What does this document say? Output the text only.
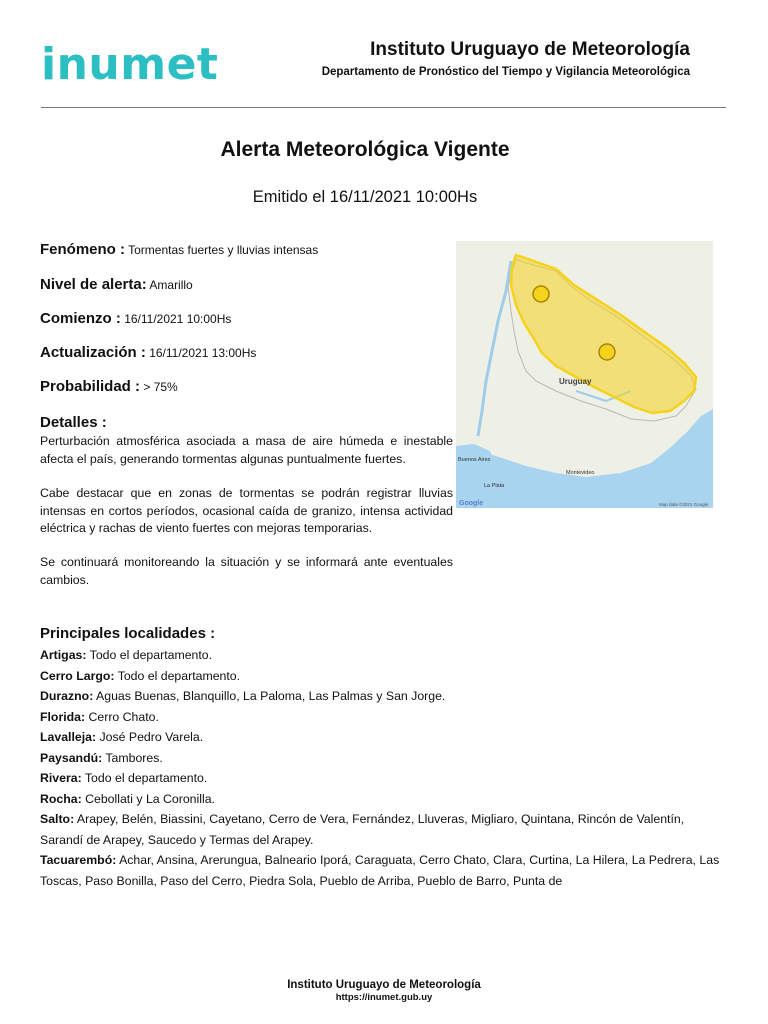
inumet	Instituto Uruguayo de Meteorología
Departamento de Pronóstico del Tiempo y Vigilancia Meteorológica
Alerta Meteorológica Vigente
Emitido el 16/11/2021 10:00Hs
Fenómeno : Tormentas fuertes y lluvias intensas
Nivel de alerta: Amarillo
Comienzo : 16/11/2021 10:00Hs
Actualización : 16/11/2021 13:00Hs
Probabilidad : > 75%
Detalles :

Perturbación atmosférica asociada a masa de aire húmeda e inestable afecta el país, generando tormentas algunas puntualmente fuertes.

Cabe destacar que en zonas de tormentas se podrán registrar lluvias intensas en cortos períodos, ocasional caída de granizo, intensa actividad eléctrica y rachas de viento fuertes con mejoras temporarias.

Se continuará monitoreando la situación y se informará ante eventuales cambios.

Uruguay
Buenos Aires
Montevideo
La Plata
Google	Map data ©2021 Google
Principales localidades :

Artigas: Todo el departamento.

Cerro Largo: Todo el departamento.

Durazno: Aguas Buenas, Blanquillo, La Paloma, Las Palmas y San Jorge.

Florida: Cerro Chato.

Lavalleja: José Pedro Varela.

Paysandú: Tambores.

Rivera: Todo el departamento.

Rocha: Cebollati y La Coronilla.

Salto: Arapey, Belén, Biassini, Cayetano, Cerro de Vera, Fernández, Lluveras, Migliaro, Quintana, Rincón de Valentín, Sarandí de Arapey, Saucedo y Termas del Arapey.

Tacuarembó: Achar, Ansina, Arerungua, Balneario Iporá, Caraguata, Cerro Chato, Clara, Curtina, La Hilera, La Pedrera, Las Toscas, Paso Bonilla, Paso del Cerro, Piedra Sola, Pueblo de Arriba, Pueblo de Barro, Punta de

Instituto Uruguayo de Meteorología
https://inumet.gub.uy
